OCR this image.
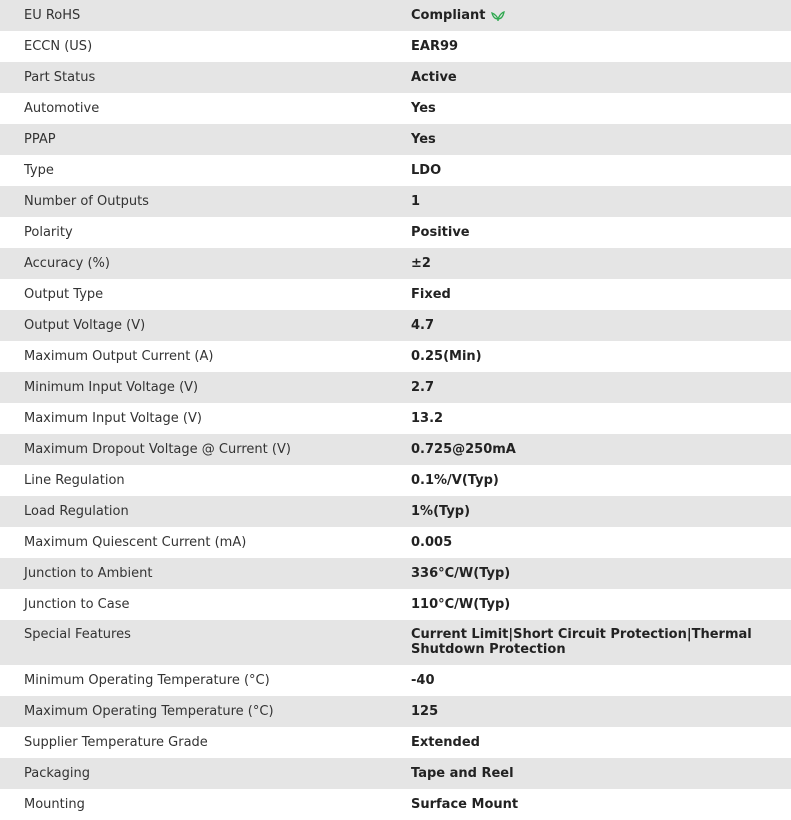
EU RoHS	Compliant
ECCN (US)	EAR99
Part Status	Active
Automotive	Yes
PPAP	Yes
Type	LDO
Number of Outputs	1
Polarity	Positive
Accuracy (%)	±2
Output Type	Fixed
Output Voltage (V)	4.7
Maximum Output Current (A)	0.25(Min)
Minimum Input Voltage (V)	2.7
Maximum Input Voltage (V)	13.2
Maximum Dropout Voltage @ Current (V)	0.725@250mA
Line Regulation	0.1%/V(Typ)
Load Regulation	1%(Typ)
Maximum Quiescent Current (mA)	0.005
Junction to Ambient	336°C/W(Typ)
Junction to Case	110°C/W(Typ)
Special Features	Current Limit|Short Circuit Protection|Thermal Shutdown Protection
Minimum Operating Temperature (°C)	-40
Maximum Operating Temperature (°C)	125
Supplier Temperature Grade	Extended
Packaging	Tape and Reel
Mounting	Surface Mount
